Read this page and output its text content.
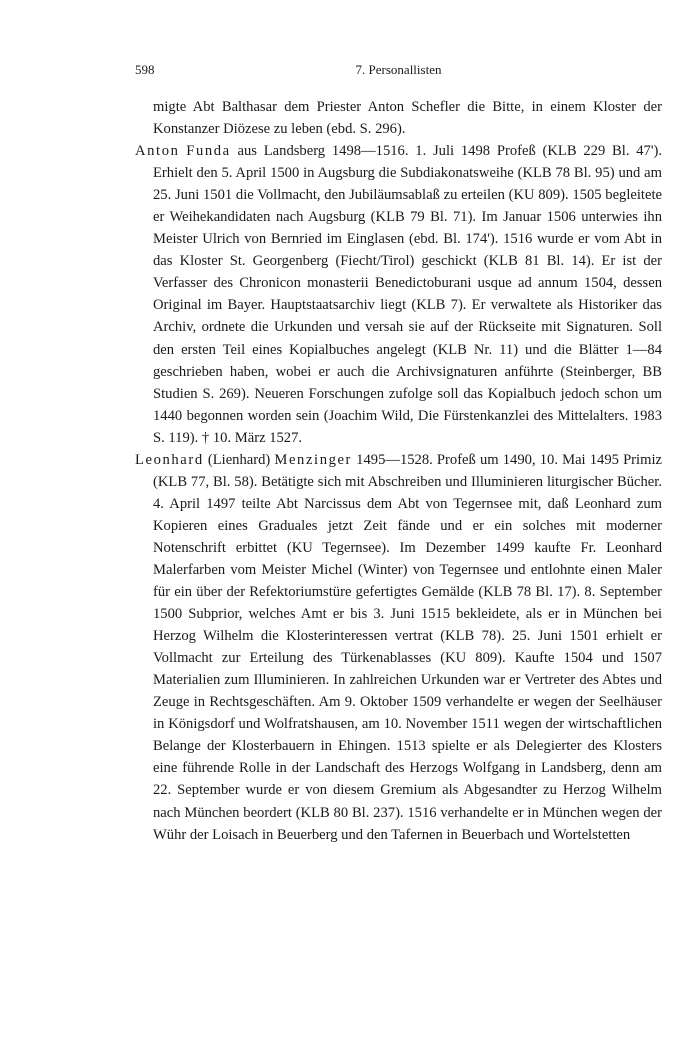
598	7. Personallisten

migte Abt Balthasar dem Priester Anton Schefler die Bitte, in einem Kloster der Konstanzer Diözese zu leben (ebd. S. 296).

Anton Funda aus Landsberg 1498—1516. 1. Juli 1498 Profeß (KLB 229 Bl. 47'). Erhielt den 5. April 1500 in Augsburg die Subdiakonatsweihe (KLB 78 Bl. 95) und am 25. Juni 1501 die Vollmacht, den Jubiläumsablaß zu erteilen (KU 809). 1505 begleitete er Weihekandidaten nach Augsburg (KLB 79 Bl. 71). Im Januar 1506 unterwies ihn Meister Ulrich von Bernried im Einglasen (ebd. Bl. 174'). 1516 wurde er vom Abt in das Kloster St. Georgenberg (Fiecht/Tirol) geschickt (KLB 81 Bl. 14). Er ist der Verfasser des Chronicon monasterii Benedictoburani usque ad annum 1504, dessen Original im Bayer. Hauptstaatsarchiv liegt (KLB 7). Er verwaltete als Historiker das Archiv, ordnete die Urkunden und versah sie auf der Rückseite mit Signaturen. Soll den ersten Teil eines Kopialbuches angelegt (KLB Nr. 11) und die Blätter 1—84 geschrieben haben, wobei er auch die Archivsignaturen anführte (Steinberger, BB Studien S. 269). Neueren Forschungen zufolge soll das Kopialbuch jedoch schon um 1440 begonnen worden sein (Joachim Wild, Die Fürstenkanzlei des Mittelalters. 1983 S. 119). † 10. März 1527.

Leonhard (Lienhard) Menzinger 1495—1528. Profeß um 1490, 10. Mai 1495 Primiz (KLB 77, Bl. 58). Betätigte sich mit Abschreiben und Illuminieren liturgischer Bücher. 4. April 1497 teilte Abt Narcissus dem Abt von Tegernsee mit, daß Leonhard zum Kopieren eines Graduales jetzt Zeit fände und er ein solches mit moderner Notenschrift erbittet (KU Tegernsee). Im Dezember 1499 kaufte Fr. Leonhard Malerfarben vom Meister Michel (Winter) von Tegernsee und entlohnte einen Maler für ein über der Refektoriumstüre gefertigtes Gemälde (KLB 78 Bl. 17). 8. September 1500 Subprior, welches Amt er bis 3. Juni 1515 bekleidete, als er in München bei Herzog Wilhelm die Klosterinteressen vertrat (KLB 78). 25. Juni 1501 erhielt er Vollmacht zur Erteilung des Türkenablasses (KU 809). Kaufte 1504 und 1507 Materialien zum Illuminieren. In zahlreichen Urkunden war er Vertreter des Abtes und Zeuge in Rechtsgeschäften. Am 9. Oktober 1509 verhandelte er wegen der Seelhäuser in Königsdorf und Wolfratshausen, am 10. November 1511 wegen der wirtschaftlichen Belange der Klosterbauern in Ehingen. 1513 spielte er als Delegierter des Klosters eine führende Rolle in der Landschaft des Herzogs Wolfgang in Landsberg, denn am 22. September wurde er von diesem Gremium als Abgesandter zu Herzog Wilhelm nach München beordert (KLB 80 Bl. 237). 1516 verhandelte er in München wegen der Wühr der Loisach in Beuerberg und den Tafernen in Beuerbach und Wortelstetten
